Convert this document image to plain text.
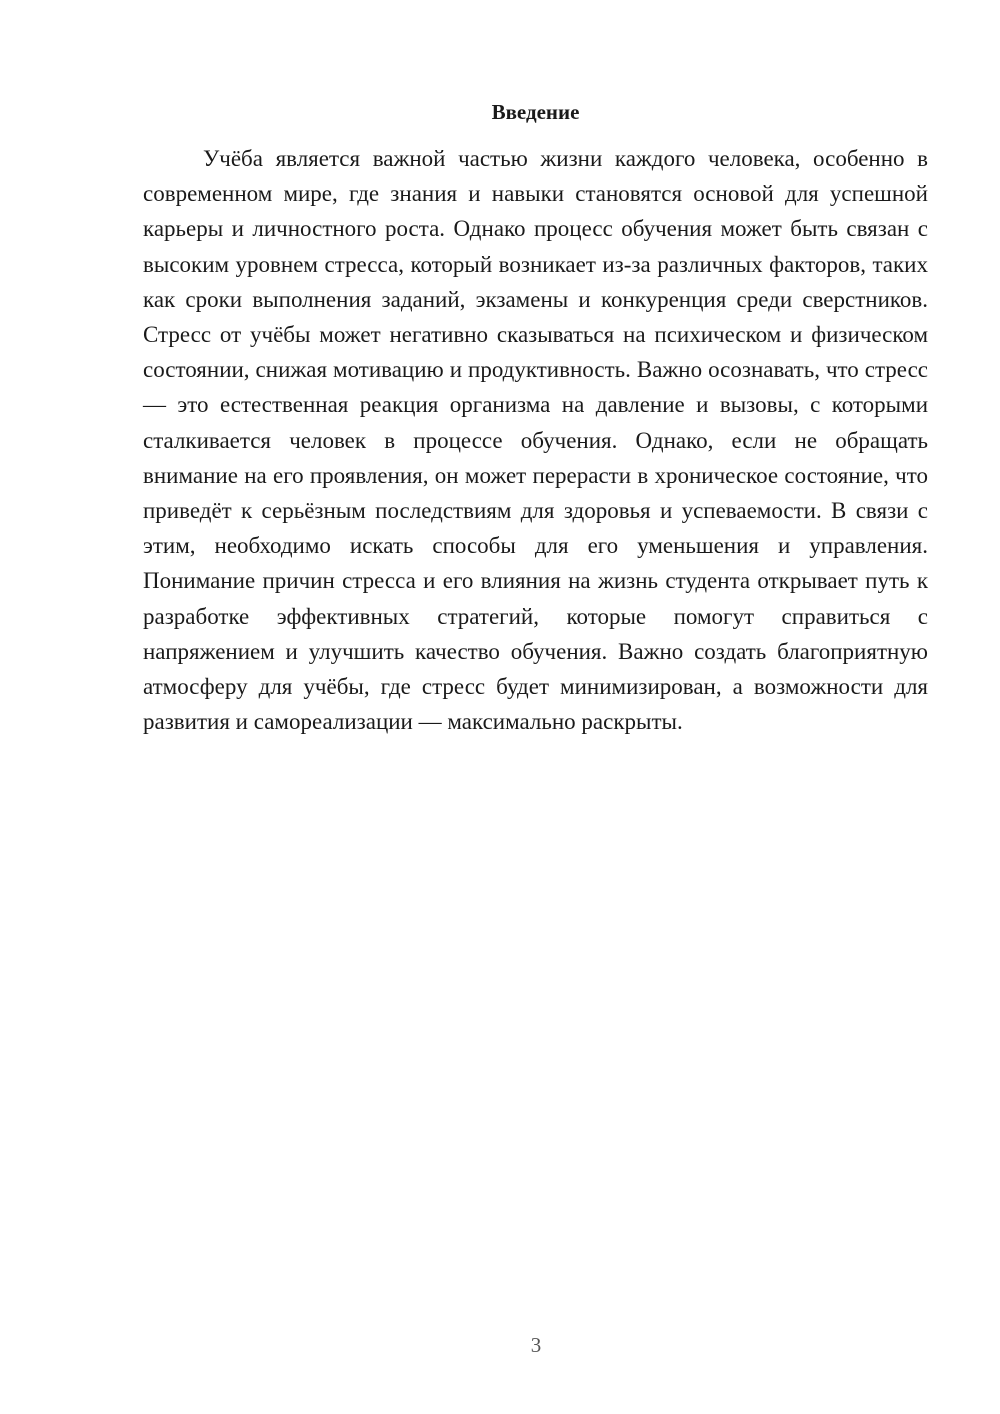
Введение

Учёба является важной частью жизни каждого человека, особенно в современном мире, где знания и навыки становятся основой для успешной карьеры и личностного роста. Однако процесс обучения может быть связан с высоким уровнем стресса, который возникает из-за различных факторов, таких как сроки выполнения заданий, экзамены и конкуренция среди сверстников. Стресс от учёбы может негативно сказываться на психическом и физическом состоянии, снижая мотивацию и продуктивность. Важно осознавать, что стресс — это естественная реакция организма на давление и вызовы, с которыми сталкивается человек в процессе обучения. Однако, если не обращать внимание на его проявления, он может перерасти в хроническое состояние, что приведёт к серьёзным последствиям для здоровья и успеваемости. В связи с этим, необходимо искать способы для его уменьшения и управления. Понимание причин стресса и его влияния на жизнь студента открывает путь к разработке эффективных стратегий, которые помогут справиться с напряжением и улучшить качество обучения. Важно создать благоприятную атмосферу для учёбы, где стресс будет минимизирован, а возможности для развития и самореализации — максимально раскрыты.

3
